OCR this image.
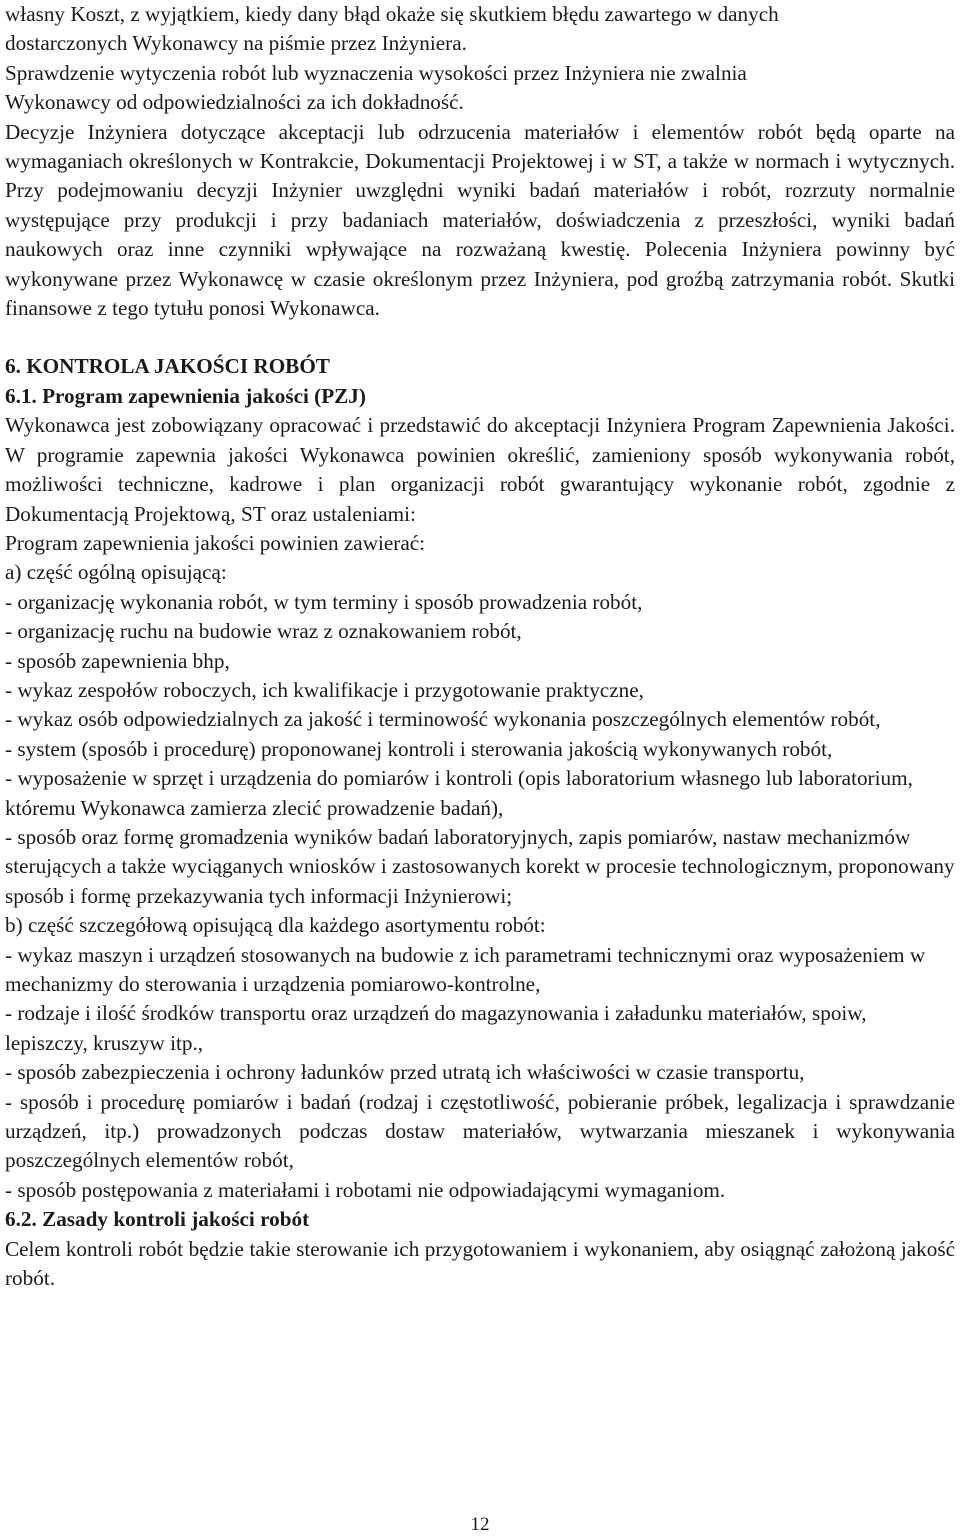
własny Koszt, z wyjątkiem, kiedy dany błąd okaże się skutkiem błędu zawartego w danych
dostarczonych Wykonawcy na piśmie przez Inżyniera.
Sprawdzenie wytyczenia robót lub wyznaczenia wysokości przez Inżyniera nie zwalnia
Wykonawcy od odpowiedzialności za ich dokładność.

Decyzje Inżyniera dotyczące akceptacji lub odrzucenia materiałów i elementów robót będą oparte na wymaganiach określonych w Kontrakcie, Dokumentacji Projektowej i w ST, a także w normach i wytycznych. Przy podejmowaniu decyzji Inżynier uwzględni wyniki badań materiałów i robót, rozrzuty normalnie występujące przy produkcji i przy badaniach materiałów, doświadczenia z przeszłości, wyniki badań naukowych oraz inne czynniki wpływające na rozważaną kwestię. Polecenia Inżyniera powinny być wykonywane przez Wykonawcę w czasie określonym przez Inżyniera, pod groźbą zatrzymania robót. Skutki finansowe z tego tytułu ponosi Wykonawca.

6. KONTROLA JAKOŚCI ROBÓT
6.1. Program zapewnienia jakości (PZJ)

Wykonawca jest zobowiązany opracować i przedstawić do akceptacji Inżyniera Program Zapewnienia Jakości. W programie zapewnia jakości Wykonawca powinien określić, zamieniony sposób wykonywania robót, możliwości techniczne, kadrowe i plan organizacji robót gwarantujący wykonanie robót, zgodnie z Dokumentacją Projektową, ST oraz ustaleniami:

Program zapewnienia jakości powinien zawierać:
a) część ogólną opisującą:

- organizację wykonania robót, w tym terminy i sposób prowadzenia robót,

- organizację ruchu na budowie wraz z oznakowaniem robót,

- sposób zapewnienia bhp,

- wykaz zespołów roboczych, ich kwalifikacje i przygotowanie praktyczne,

- wykaz osób odpowiedzialnych za jakość i terminowość wykonania poszczególnych elementów robót,

- system (sposób i procedurę) proponowanej kontroli i sterowania jakością wykonywanych robót,

- wyposażenie w sprzęt i urządzenia do pomiarów i kontroli (opis laboratorium własnego lub laboratorium, któremu Wykonawca zamierza zlecić prowadzenie badań),

- sposób oraz formę gromadzenia wyników badań laboratoryjnych, zapis pomiarów, nastaw mechanizmów sterujących a także wyciąganych wniosków i zastosowanych korekt w procesie technologicznym, proponowany sposób i formę przekazywania tych informacji Inżynierowi;

b) część szczegółową opisującą dla każdego asortymentu robót:

- wykaz maszyn i urządzeń stosowanych na budowie z ich parametrami technicznymi oraz wyposażeniem w mechanizmy do sterowania i urządzenia pomiarowo-kontrolne,

- rodzaje i ilość środków transportu oraz urządzeń do magazynowania i załadunku materiałów, spoiw,

lepiszczy, kruszyw itp.,

- sposób zabezpieczenia i ochrony ładunków przed utratą ich właściwości w czasie transportu,

- sposób i procedurę pomiarów i badań (rodzaj i częstotliwość, pobieranie próbek, legalizacja i sprawdzanie urządzeń, itp.) prowadzonych podczas dostaw materiałów, wytwarzania mieszanek i wykonywania poszczególnych elementów robót,

- sposób postępowania z materiałami i robotami nie odpowiadającymi wymaganiom.

6.2. Zasady kontroli jakości robót

Celem kontroli robót będzie takie sterowanie ich przygotowaniem i wykonaniem, aby osiągnąć założoną jakość robót.

12
